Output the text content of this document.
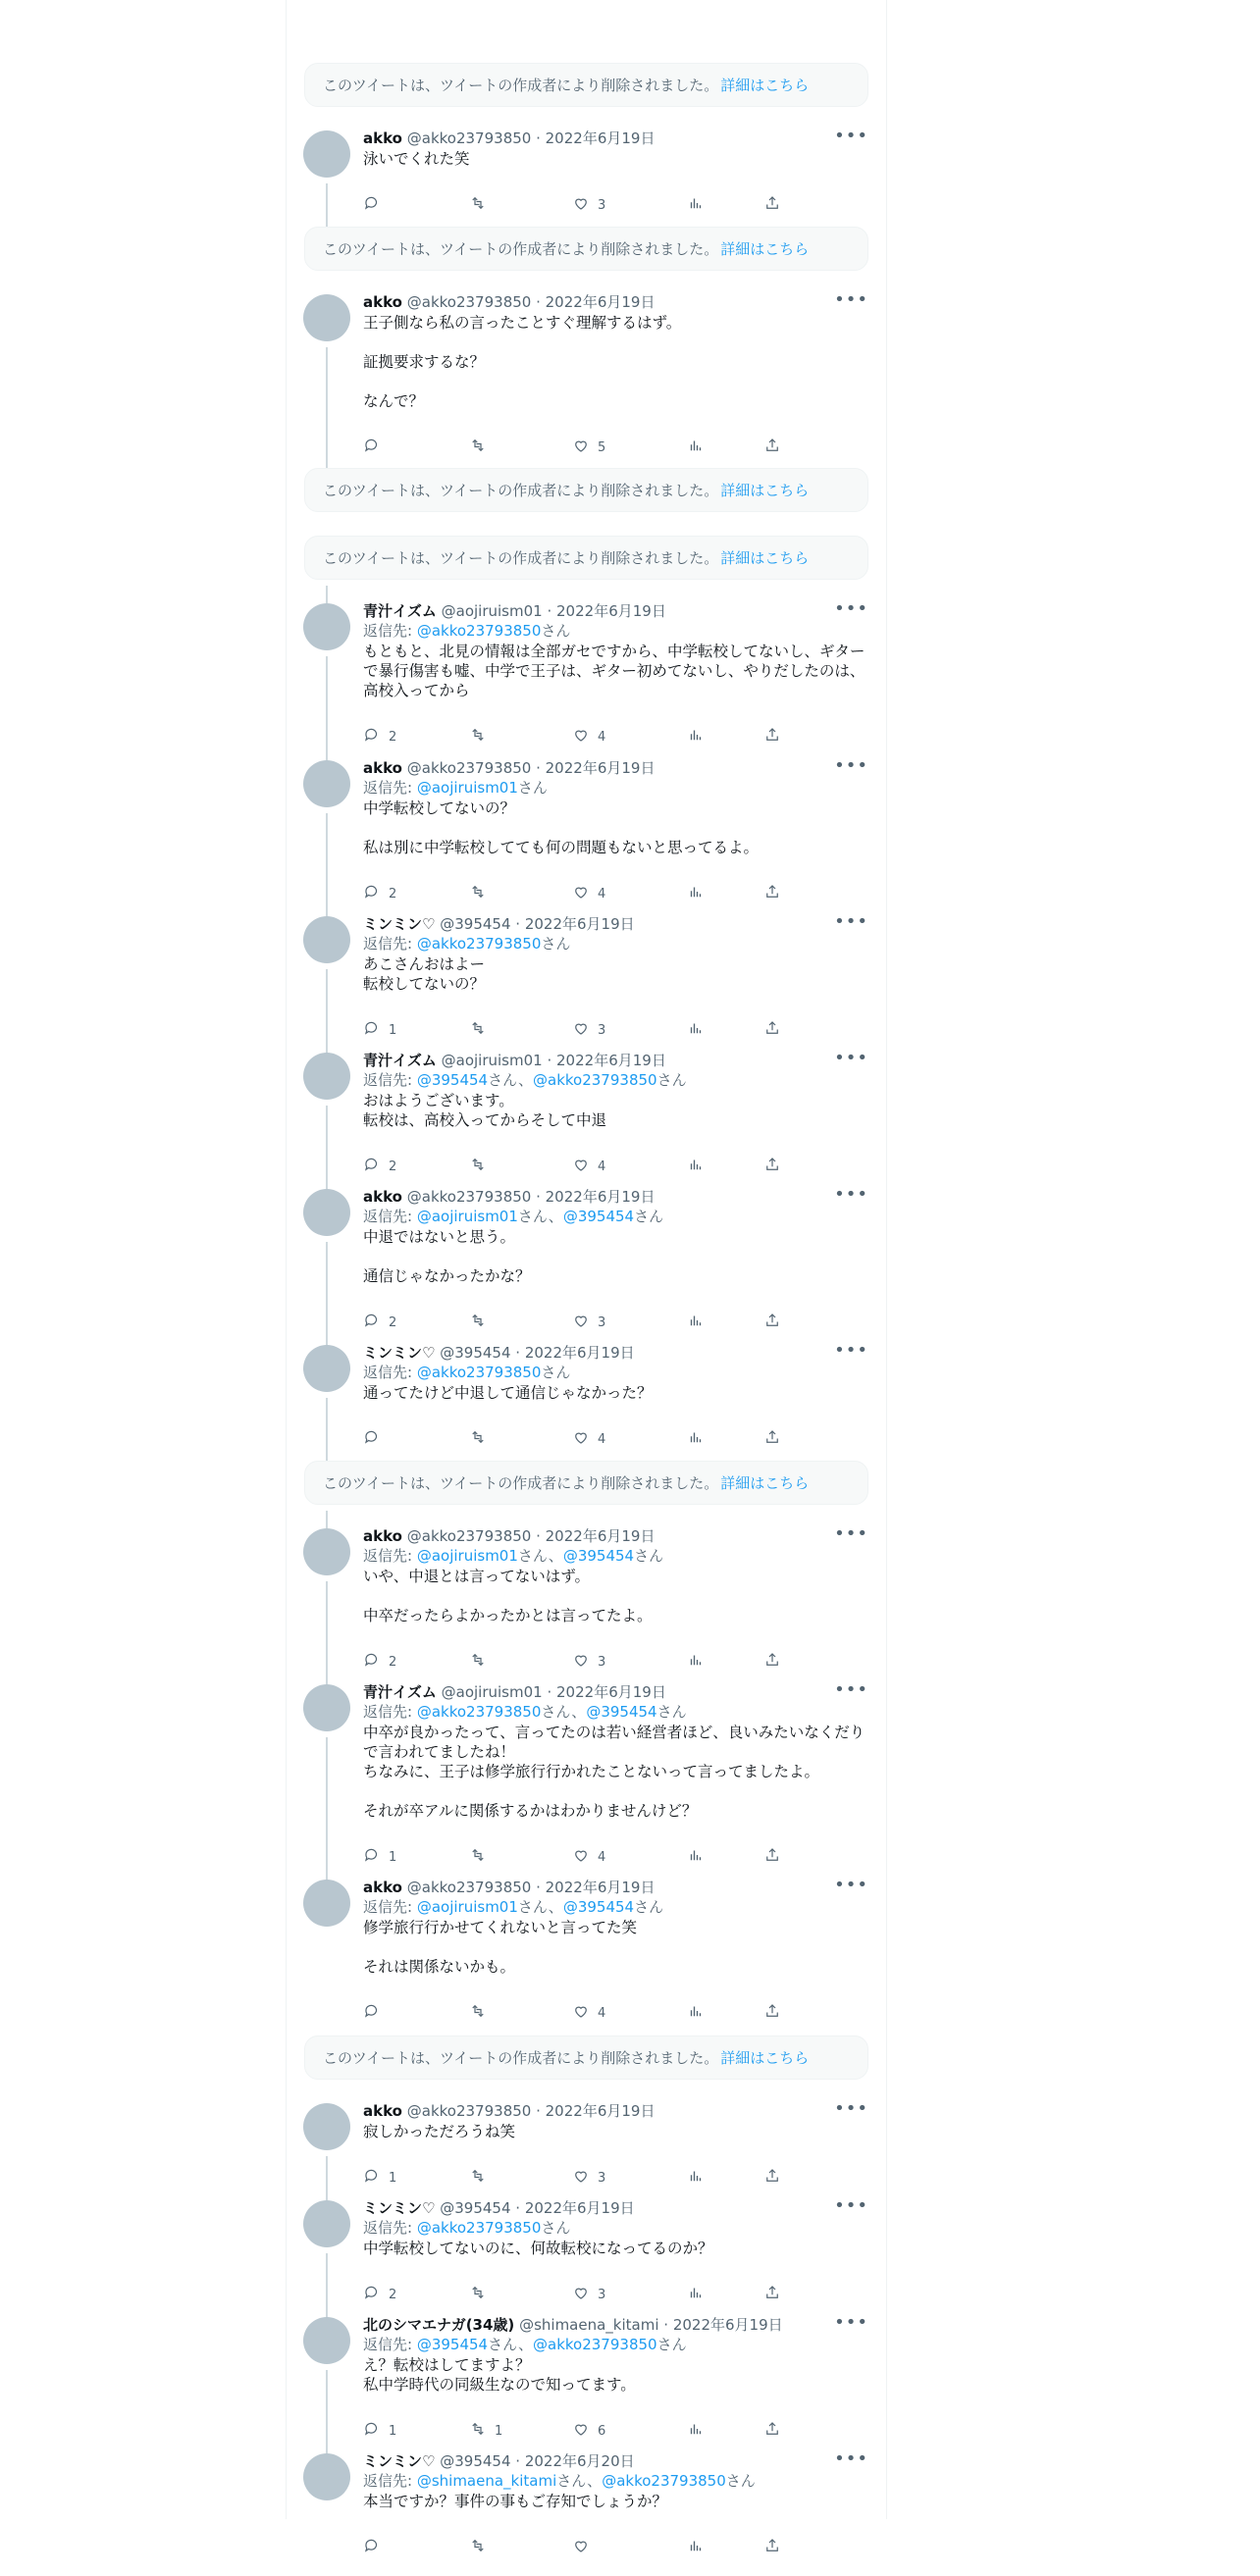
このツイートは、ツイートの作成者により削除されました。 詳細はこちら
akko @akko23793850 · 2022年6月19日	•••
泳いでくれた笑
3
このツイートは、ツイートの作成者により削除されました。 詳細はこちら
akko @akko23793850 · 2022年6月19日	•••
王子側なら私の言ったことすぐ理解するはず。

証拠要求するな？

なんで？
5
このツイートは、ツイートの作成者により削除されました。 詳細はこちら
このツイートは、ツイートの作成者により削除されました。 詳細はこちら
青汁イズム @aojiruism01 · 2022年6月19日	•••
返信先: @akko23793850さん
もともと、北見の情報は全部ガセですから、中学転校してないし、ギターで暴行傷害も嘘、中学で王子は、ギター初めてないし、やりだしたのは、高校入ってから
2	4
akko @akko23793850 · 2022年6月19日	•••
返信先: @aojiruism01さん
中学転校してないの？

私は別に中学転校してても何の問題もないと思ってるよ。
2	4
ミンミン♡ @395454 · 2022年6月19日	•••
返信先: @akko23793850さん
あこさんおはよー
転校してないの？
1	3
青汁イズム @aojiruism01 · 2022年6月19日	•••
返信先: @395454さん、@akko23793850さん
おはようございます。
転校は、高校入ってからそして中退
2	4
akko @akko23793850 · 2022年6月19日	•••
返信先: @aojiruism01さん、@395454さん
中退ではないと思う。

通信じゃなかったかな？
2	3
ミンミン♡ @395454 · 2022年6月19日	•••
返信先: @akko23793850さん
通ってたけど中退して通信じゃなかった？
4
このツイートは、ツイートの作成者により削除されました。 詳細はこちら
akko @akko23793850 · 2022年6月19日	•••
返信先: @aojiruism01さん、@395454さん
いや、中退とは言ってないはず。

中卒だったらよかったかとは言ってたよ。
2	3
青汁イズム @aojiruism01 · 2022年6月19日	•••
返信先: @akko23793850さん、@395454さん
中卒が良かったって、言ってたのは若い経営者ほど、良いみたいなくだりで言われてましたね！
ちなみに、王子は修学旅行行かれたことないって言ってましたよ。

それが卒アルに関係するかはわかりませんけど？
1	4
akko @akko23793850 · 2022年6月19日	•••
返信先: @aojiruism01さん、@395454さん
修学旅行行かせてくれないと言ってた笑

それは関係ないかも。
4
このツイートは、ツイートの作成者により削除されました。 詳細はこちら
akko @akko23793850 · 2022年6月19日	•••
寂しかっただろうね笑
1	3
ミンミン♡ @395454 · 2022年6月19日	•••
返信先: @akko23793850さん
中学転校してないのに、何故転校になってるのか？
2	3
北のシマエナガ(34歳) @shimaena_kitami · 2022年6月19日	•••
返信先: @395454さん、@akko23793850さん
え？転校はしてますよ？
私中学時代の同級生なので知ってます。
1	1	6
ミンミン♡ @395454 · 2022年6月20日	•••
返信先: @shimaena_kitamiさん、@akko23793850さん
本当ですか？事件の事もご存知でしょうか？
